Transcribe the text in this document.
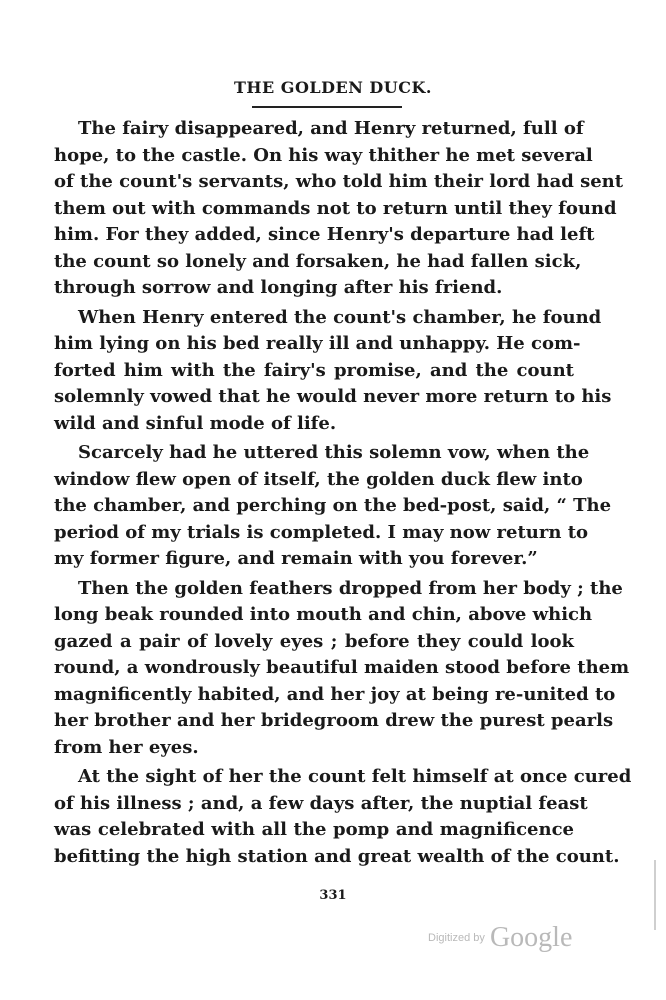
THE GOLDEN DUCK.
The fairy disappeared, and Henry returned, full of
hope, to the castle. On his way thither he met several
of the count's servants, who told him their lord had sent
them out with commands not to return until they found
him. For they added, since Henry's departure had left
the count so lonely and forsaken, he had fallen sick,
through sorrow and longing after his friend.
When Henry entered the count's chamber, he found
him lying on his bed really ill and unhappy. He com-
forted him with the fairy's promise, and the count
solemnly vowed that he would never more return to his
wild and sinful mode of life.
Scarcely had he uttered this solemn vow, when the
window flew open of itself, the golden duck flew into
the chamber, and perching on the bed-post, said, “ The
period of my trials is completed. I may now return to
my former figure, and remain with you forever.”
Then the golden feathers dropped from her body ; the
long beak rounded into mouth and chin, above which
gazed a pair of lovely eyes ; before they could look
round, a wondrously beautiful maiden stood before them
magnificently habited, and her joy at being re-united to
her brother and her bridegroom drew the purest pearls
from her eyes.
At the sight of her the count felt himself at once cured
of his illness ; and, a few days after, the nuptial feast
was celebrated with all the pomp and magnificence
befitting the high station and great wealth of the count.
331
Digitized by Google
